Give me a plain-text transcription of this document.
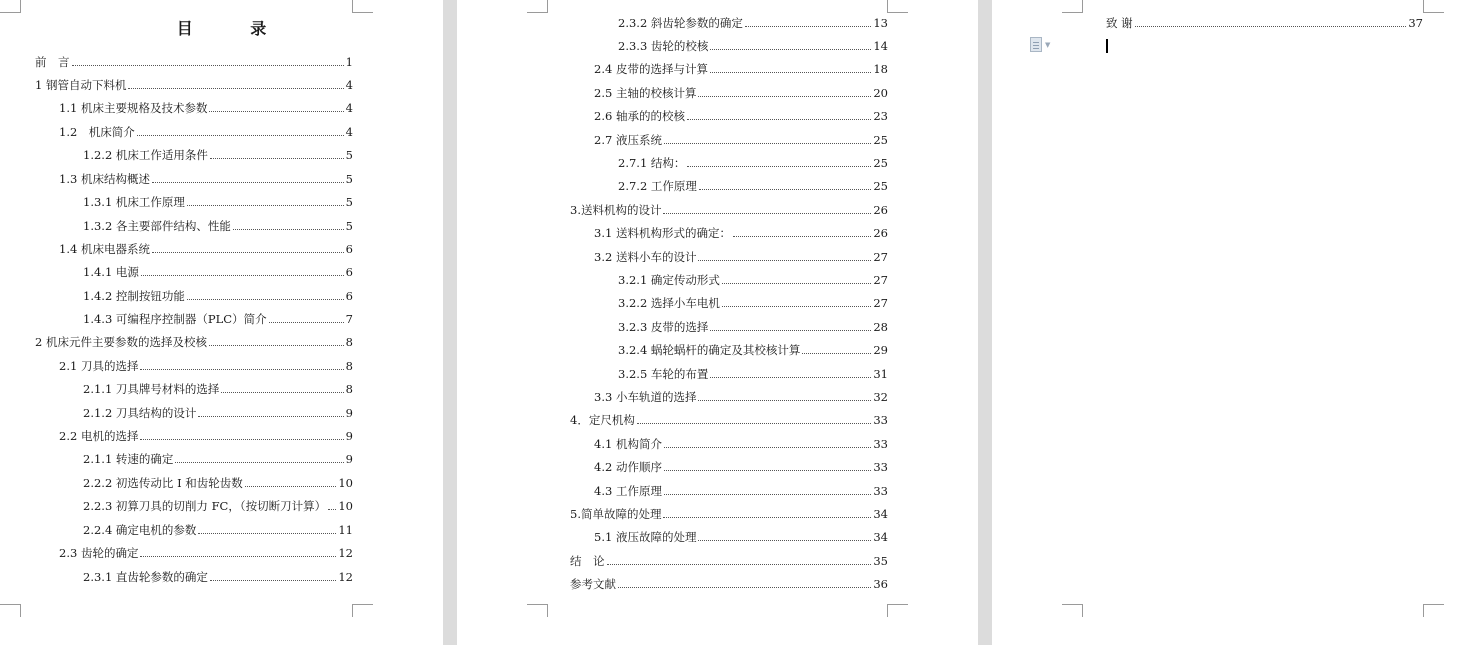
目 录
前　言	1
1 钢管自动下料机	4
1.1 机床主要规格及技术参数	4
1.2　机床简介	4
1.2.2 机床工作适用条件	5
1.3 机床结构概述	5
1.3.1 机床工作原理	5
1.3.2 各主要部件结构、性能	5
1.4 机床电器系统	6
1.4.1 电源	6
1.4.2 控制按钮功能	6
1.4.3 可编程序控制器（PLC）简介	7
2 机床元件主要参数的选择及校核	8
2.1 刀具的选择	8
2.1.1 刀具牌号材料的选择	8
2.1.2 刀具结构的设计	9
2.2 电机的选择	9
2.1.1 转速的确定	9
2.2.2 初选传动比 I 和齿轮齿数	10
2.2.3 初算刀具的切削力 FC，（按切断刀计算） 10
2.2.4 确定电机的参数	11
2.3 齿轮的确定	12
2.3.1 直齿轮参数的确定	12
2.3.2 斜齿轮参数的确定	13
2.3.3 齿轮的校核	14
2.4 皮带的选择与计算	18
2.5 主轴的校核计算	20
2.6 轴承的的校核	23
2.7 液压系统	25
2.7.1 结构：	25
2.7.2 工作原理	25
3.送料机构的设计	26
3.1 送料机构形式的确定：	26
3.2 送料小车的设计	27
3.2.1 确定传动形式	27
3.2.2 选择小车电机	27
3.2.3 皮带的选择	28
3.2.4 蜗轮蜗杆的确定及其校核计算	29
3.2.5 车轮的布置	31
3.3 小车轨道的选择	32
4．定尺机构	33
4.1 机构简介	33
4.2 动作顺序	33
4.3 工作原理	33
5.简单故障的处理	34
5.1 液压故障的处理	34
结　论	35
参考文献	36
▼
致 谢	37
